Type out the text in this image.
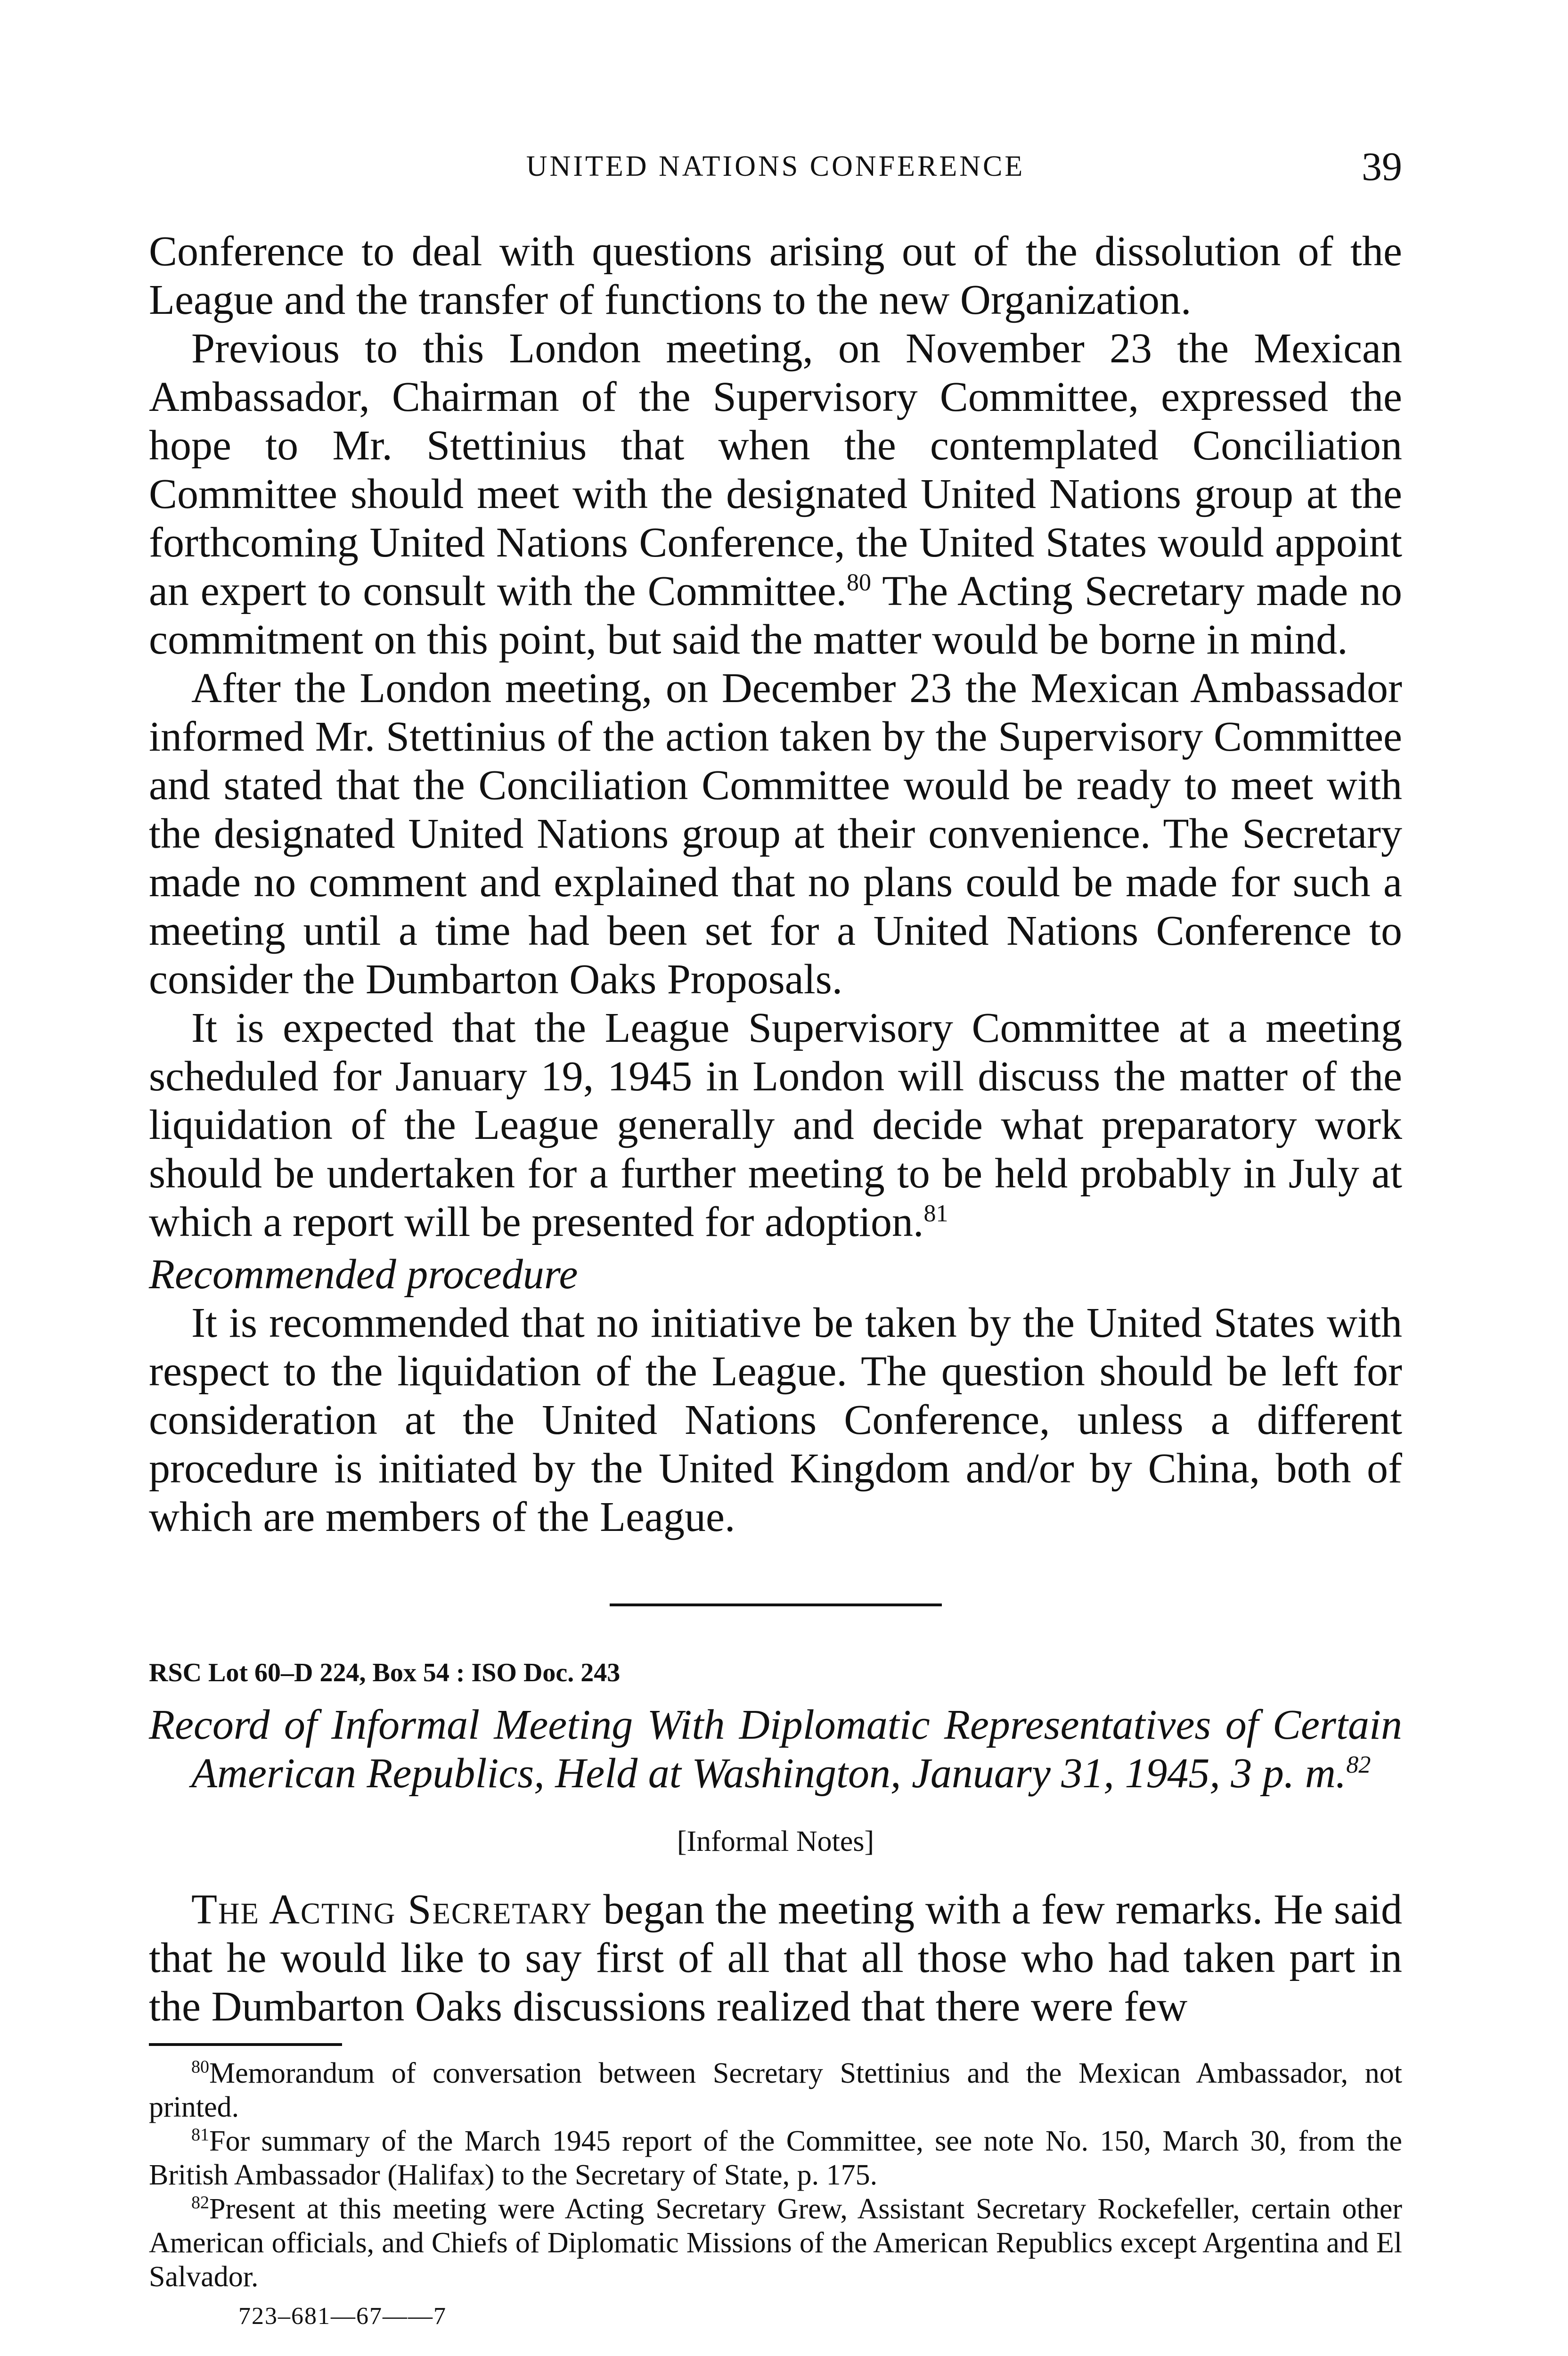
UNITED NATIONS CONFERENCE	39

Conference to deal with questions arising out of the dissolution of the League and the transfer of functions to the new Organization.

Previous to this London meeting, on November 23 the Mexican Ambassador, Chairman of the Supervisory Committee, expressed the hope to Mr. Stettinius that when the contemplated Conciliation Committee should meet with the designated United Nations group at the forthcoming United Nations Conference, the United States would appoint an expert to consult with the Committee.$^{80}$ The Acting Secretary made no commitment on this point, but said the matter would be borne in mind.

After the London meeting, on December 23 the Mexican Ambassador informed Mr. Stettinius of the action taken by the Supervisory Committee and stated that the Conciliation Committee would be ready to meet with the designated United Nations group at their convenience. The Secretary made no comment and explained that no plans could be made for such a meeting until a time had been set for a United Nations Conference to consider the Dumbarton Oaks Proposals.

It is expected that the League Supervisory Committee at a meeting scheduled for January 19, 1945 in London will discuss the matter of the liquidation of the League generally and decide what preparatory work should be undertaken for a further meeting to be held probably in July at which a report will be presented for adoption.$^{81}$

Recommended procedure

It is recommended that no initiative be taken by the United States with respect to the liquidation of the League. The question should be left for consideration at the United Nations Conference, unless a different procedure is initiated by the United Kingdom and/or by China, both of which are members of the League.

RSC Lot 60–D 224, Box 54 : ISO Doc. 243
Record of Informal Meeting With Diplomatic Representatives of Certain American Republics, Held at Washington, January 31, 1945, 3 p. m.$^{82}$
[Informal Notes]

The Acting Secretary began the meeting with a few remarks. He said that he would like to say first of all that all those who had taken part in the Dumbarton Oaks discussions realized that there were few

$^{80}$Memorandum of conversation between Secretary Stettinius and the Mexican Ambassador, not printed.

$^{81}$For summary of the March 1945 report of the Committee, see note No. 150, March 30, from the British Ambassador (Halifax) to the Secretary of State, p. 175.

$^{82}$Present at this meeting were Acting Secretary Grew, Assistant Secretary Rockefeller, certain other American officials, and Chiefs of Diplomatic Missions of the American Republics except Argentina and El Salvador.

723–681—67——7
